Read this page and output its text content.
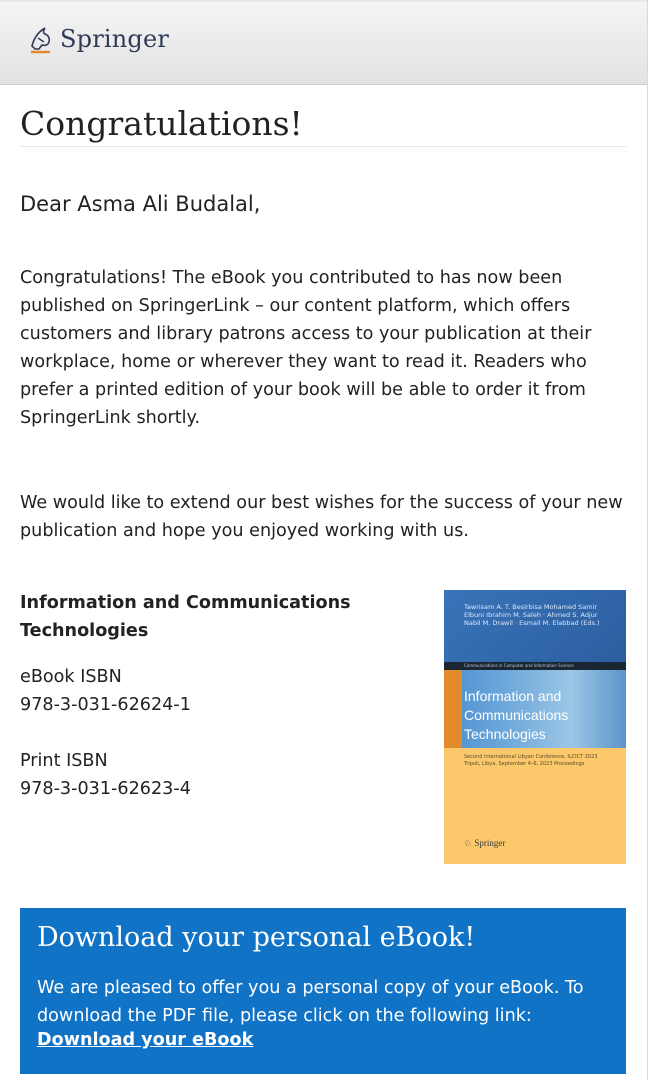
Springer
Congratulations!
Dear Asma Ali Budalal,

Congratulations! The eBook you contributed to has now been published on SpringerLink – our content platform, which offers customers and library patrons access to your publication at their workplace, home or wherever they want to read it. Readers who prefer a printed edition of your book will be able to order it from SpringerLink shortly.

We would like to extend our best wishes for the success of your new publication and hope you enjoyed working with us.

Information and Communications Technologies

eBook ISBN

978-3-031-62624-1

Print ISBN

978-3-031-62623-4

Tawrisam A. T. Besirbisa Mohamed Samir Elbuni Ibrahim M. Saleh · Ahmed S. Adjur Nabil M. Drawil · Esmail M. Elabbad (Eds.)
Communications in Computer and Information Science
Information and Communications Technologies
Second International Libyan Conference, ILCICT 2023 Tripoli, Libya, September 4–6, 2023 Proceedings
♘ Springer
Download your personal eBook!

We are pleased to offer you a personal copy of your eBook. To download the PDF file, please click on the following link:

Download your eBook
